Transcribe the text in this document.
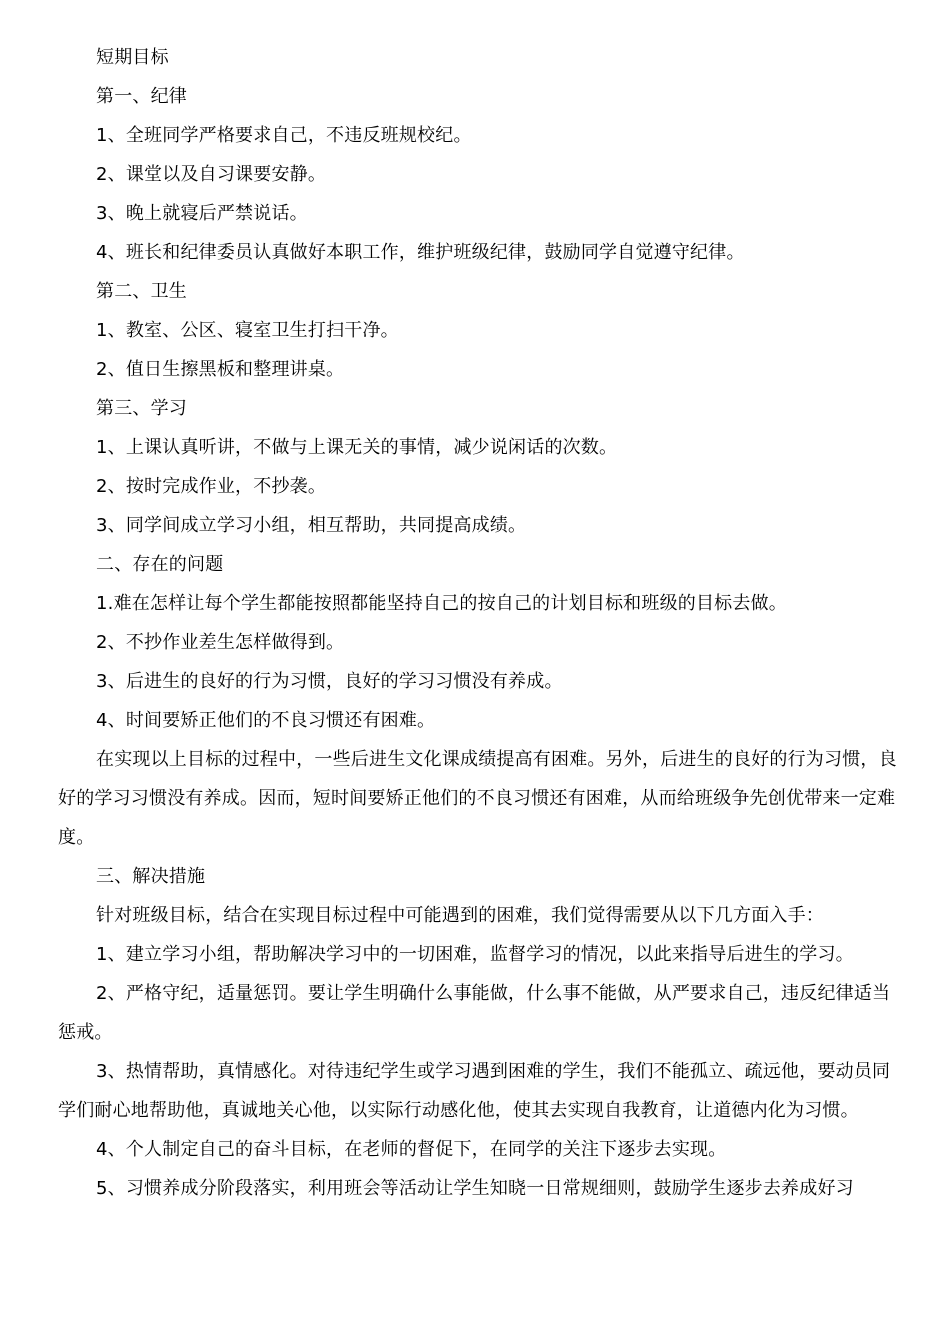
短期目标

第一、纪律

1、全班同学严格要求自己，不违反班规校纪。

2、课堂以及自习课要安静。

3、晚上就寝后严禁说话。

4、班长和纪律委员认真做好本职工作，维护班级纪律，鼓励同学自觉遵守纪律。

第二、卫生

1、教室、公区、寝室卫生打扫干净。

2、值日生擦黑板和整理讲桌。

第三、学习

1、上课认真听讲，不做与上课无关的事情，减少说闲话的次数。

2、按时完成作业，不抄袭。

3、同学间成立学习小组，相互帮助，共同提高成绩。

二、存在的问题

1.难在怎样让每个学生都能按照都能坚持自己的按自己的计划目标和班级的目标去做。

2、不抄作业差生怎样做得到。

3、后进生的良好的行为习惯，良好的学习习惯没有养成。

4、时间要矫正他们的不良习惯还有困难。

在实现以上目标的过程中，一些后进生文化课成绩提高有困难。另外，后进生的良好的行为习惯，良好的学习习惯没有养成。因而，短时间要矫正他们的不良习惯还有困难，从而给班级争先创优带来一定难度。

三、解决措施

针对班级目标，结合在实现目标过程中可能遇到的困难，我们觉得需要从以下几方面入手：

1、建立学习小组，帮助解决学习中的一切困难，监督学习的情况，以此来指导后进生的学习。

2、严格守纪，适量惩罚。要让学生明确什么事能做，什么事不能做，从严要求自己，违反纪律适当惩戒。

3、热情帮助，真情感化。对待违纪学生或学习遇到困难的学生，我们不能孤立、疏远他，要动员同学们耐心地帮助他，真诚地关心他，以实际行动感化他，使其去实现自我教育，让道德内化为习惯。

4、个人制定自己的奋斗目标，在老师的督促下，在同学的关注下逐步去实现。

5、习惯养成分阶段落实，利用班会等活动让学生知晓一日常规细则，鼓励学生逐步去养成好习
